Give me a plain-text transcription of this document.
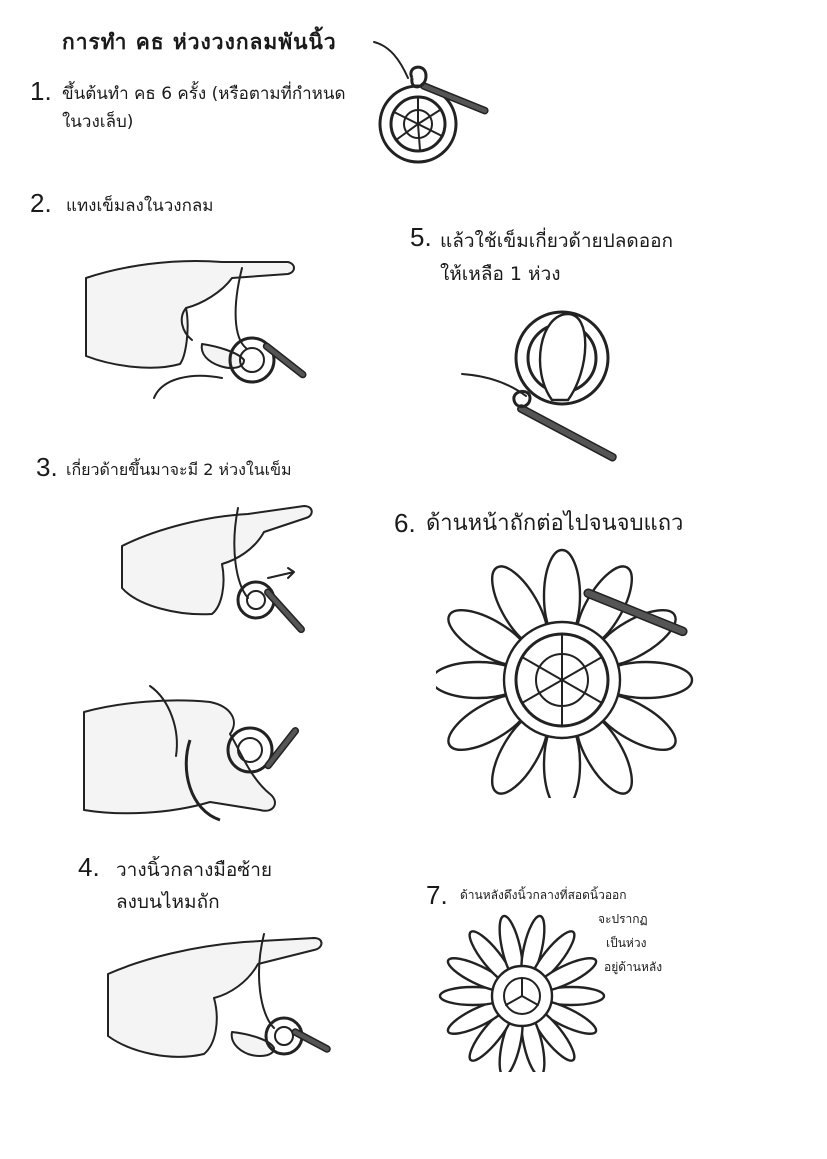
การทำ คธ ห่วงวงกลมพันนิ้ว
1. ขึ้นต้นทำ คธ 6 ครั้ง (หรือตามที่กำหนด
ในวงเล็บ)
2. แทงเข็มลงในวงกลม
3. เกี่ยวด้ายขึ้นมาจะมี 2 ห่วงในเข็ม
4. วางนิ้วกลางมือซ้าย
ลงบนไหมถัก
5. แล้วใช้เข็มเกี่ยวด้ายปลดออก
ให้เหลือ 1 ห่วง
6. ด้านหน้าถักต่อไปจนจบแถว
7. ด้านหลังดึงนิ้วกลางที่สอดนิ้วออก
จะปรากฏ
เป็นห่วง
อยู่ด้านหลัง
